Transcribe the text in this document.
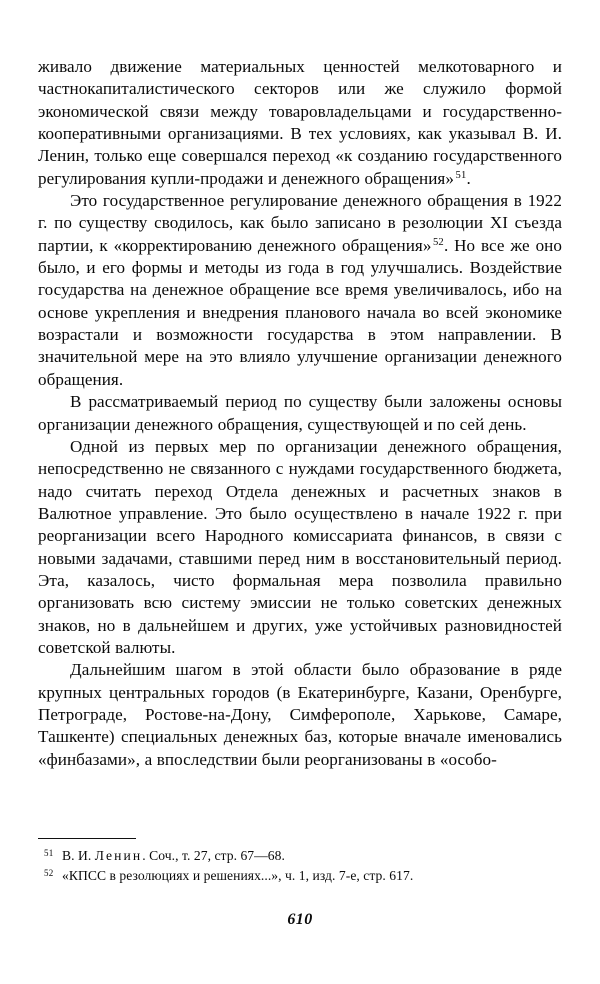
живало движение материальных ценностей мелкотоварного и частнокапиталистического секторов или же служило формой экономической связи между товаровладельцами и государственно-кооперативными организациями. В тех условиях, как указывал В. И. Ленин, только еще совершался переход «к созданию государственного регулирования купли-продажи и денежного обращения» $^{51}$.

Это государственное регулирование денежного обращения в 1922 г. по существу сводилось, как было записано в резолюции XI съезда партии, к «корректированию денежного обращения» $^{52}$. Но все же оно было, и его формы и методы из года в год улучшались. Воздействие государства на денежное обращение все время увеличивалось, ибо на основе укрепления и внедрения планового начала во всей экономике возрастали и возможности государства в этом направлении. В значительной мере на это влияло улучшение организации денежного обращения.

В рассматриваемый период по существу были заложены основы организации денежного обращения, существующей и по сей день.

Одной из первых мер по организации денежного обращения, непосредственно не связанного с нуждами государственного бюджета, надо считать переход Отдела денежных и расчетных знаков в Валютное управление. Это было осуществлено в начале 1922 г. при реорганизации всего Народного комиссариата финансов, в связи с новыми задачами, ставшими перед ним в восстановительный период. Эта, казалось, чисто формальная мера позволила правильно организовать всю систему эмиссии не только советских денежных знаков, но в дальнейшем и других, уже устойчивых разновидностей советской валюты.

Дальнейшим шагом в этой области было образование в ряде крупных центральных городов (в Екатеринбурге, Казани, Оренбурге, Петрограде, Ростове-на-Дону, Симферополе, Харькове, Самаре, Ташкенте) специальных денежных баз, которые вначале именовались «финбазами», а впоследствии были реорганизованы в «особо-

51 В. И. Ленин. Соч., т. 27, стр. 67—68.
52 «КПСС в резолюциях и решениях...», ч. 1, изд. 7-е, стр. 617.
610
